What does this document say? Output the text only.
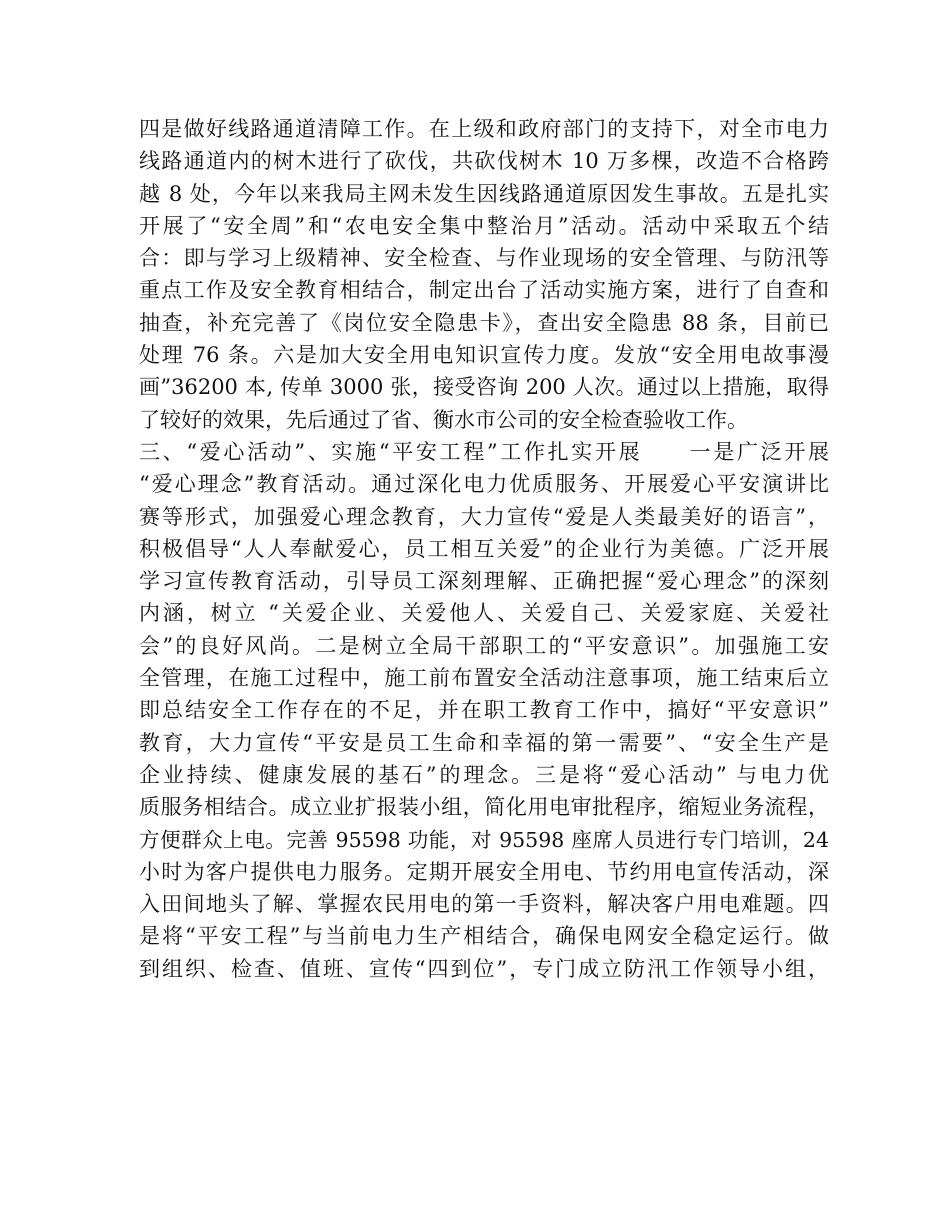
四是做好线路通道清障工作。在上级和政府部门的支持下，对全市电力
线路通道内的树木进行了砍伐，共砍伐树木 10 万多棵，改造不合格跨
越 8 处，今年以来我局主网未发生因线路通道原因发生事故。五是扎实
开展了“安全周”和“农电安全集中整治月”活动。活动中采取五个结
合：即与学习上级精神、安全检查、与作业现场的安全管理、与防汛等
重点工作及安全教育相结合，制定出台了活动实施方案，进行了自查和
抽查，补充完善了《岗位安全隐患卡》，查出安全隐患 88 条，目前已
处理 76 条。六是加大安全用电知识宣传力度。发放“安全用电故事漫
画”36200 本, 传单 3000 张，接受咨询 200 人次。通过以上措施，取得
了较好的效果，先后通过了省、衡水市公司的安全检查验收工作。
三、“爱心活动”、实施“平安工程”工作扎实开展　　一是广泛开展
“爱心理念”教育活动。通过深化电力优质服务、开展爱心平安演讲比
赛等形式，加强爱心理念教育，大力宣传“爱是人类最美好的语言”，
积极倡导“人人奉献爱心，员工相互关爱”的企业行为美德。广泛开展
学习宣传教育活动，引导员工深刻理解、正确把握“爱心理念”的深刻
内涵，树立 “关爱企业、关爱他人、关爱自己、关爱家庭、关爱社
会”的良好风尚。二是树立全局干部职工的“平安意识”。加强施工安
全管理，在施工过程中，施工前布置安全活动注意事项，施工结束后立
即总结安全工作存在的不足，并在职工教育工作中，搞好“平安意识”
教育，大力宣传“平安是员工生命和幸福的第一需要”、“安全生产是
企业持续、健康发展的基石”的理念。三是将“爱心活动” 与电力优
质服务相结合。成立业扩报装小组，简化用电审批程序，缩短业务流程，
方便群众上电。完善 95598 功能，对 95598 座席人员进行专门培训，24
小时为客户提供电力服务。定期开展安全用电、节约用电宣传活动，深
入田间地头了解、掌握农民用电的第一手资料，解决客户用电难题。四
是将“平安工程”与当前电力生产相结合，确保电网安全稳定运行。做
到组织、检查、值班、宣传“四到位”，专门成立防汛工作领导小组，
